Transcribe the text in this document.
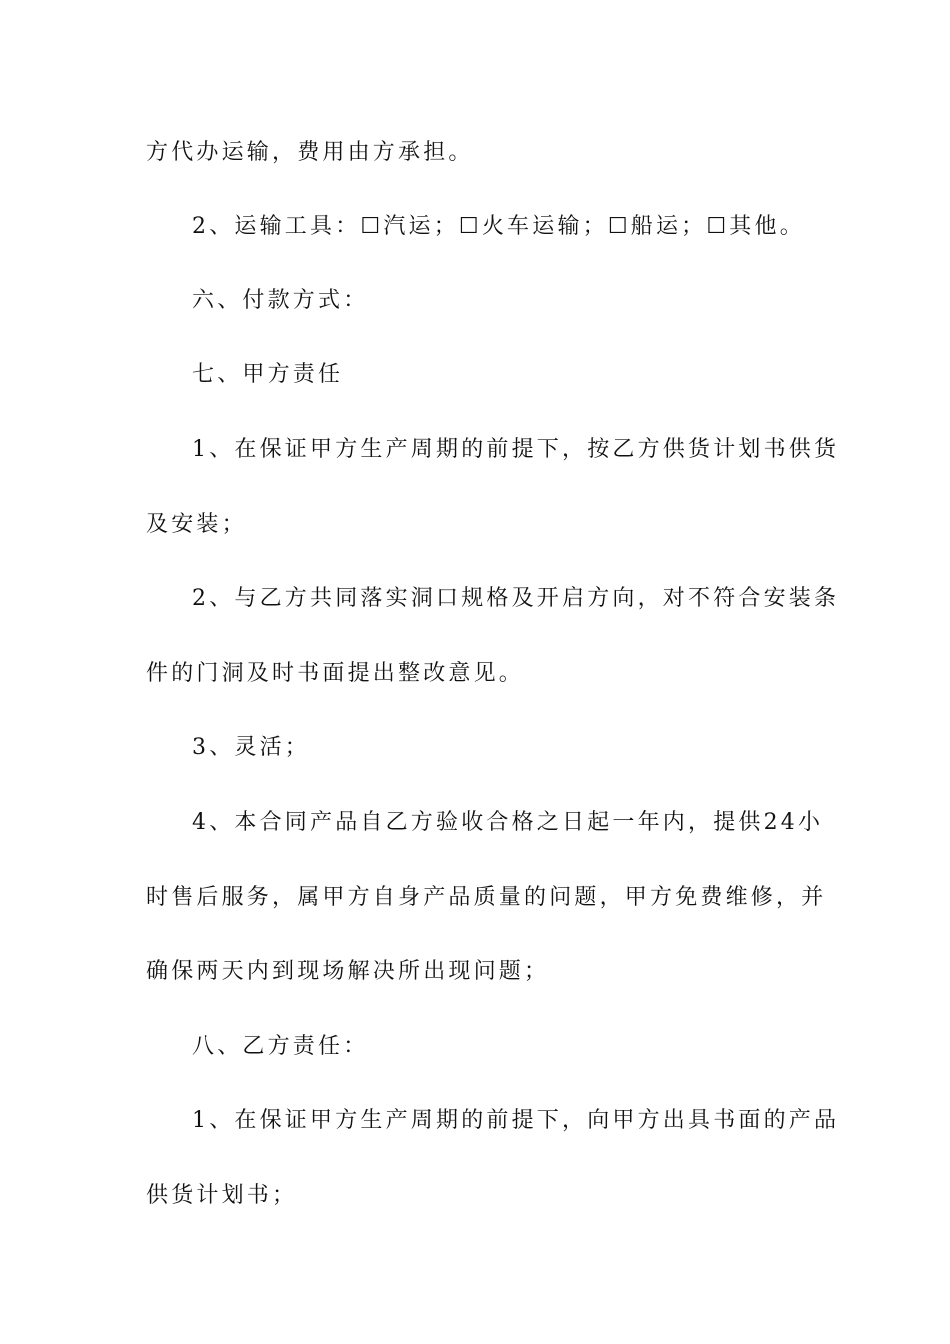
方代办运输，费用由方承担。
2、运输工具：☐汽运；☐火车运输；☐船运；☐其他。
六、付款方式：
七、甲方责任
1、在保证甲方生产周期的前提下，按乙方供货计划书供货
及安装；
2、与乙方共同落实洞口规格及开启方向，对不符合安装条
件的门洞及时书面提出整改意见。
3、灵活；
4、本合同产品自乙方验收合格之日起一年内，提供24小
时售后服务，属甲方自身产品质量的问题，甲方免费维修，并
确保两天内到现场解决所出现问题；
八、乙方责任：
1、在保证甲方生产周期的前提下，向甲方出具书面的产品
供货计划书；
